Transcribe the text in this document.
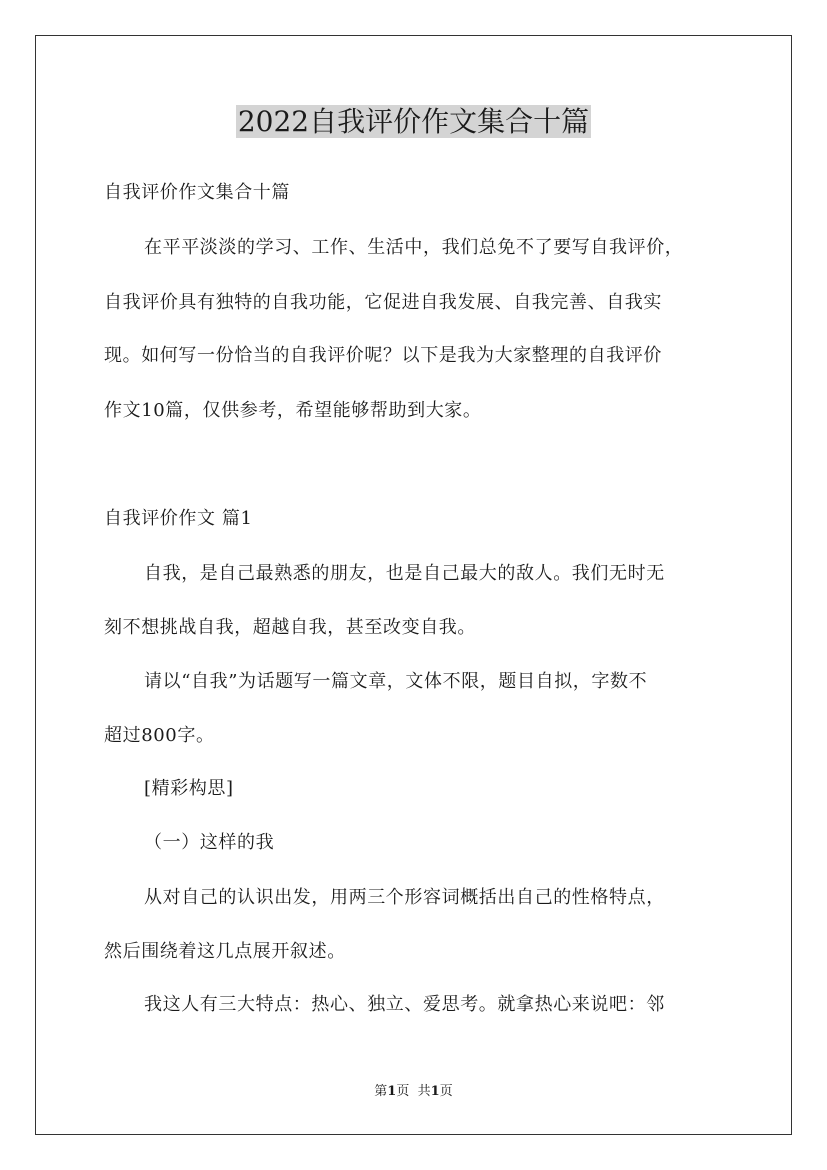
2022自我评价作文集合十篇
自我评价作文集合十篇
在平平淡淡的学习、工作、生活中，我们总免不了要写自我评价，
自我评价具有独特的自我功能，它促进自我发展、自我完善、自我实
现。如何写一份恰当的自我评价呢？以下是我为大家整理的自我评价
作文10篇，仅供参考，希望能够帮助到大家。
自我评价作文 篇1
自我，是自己最熟悉的朋友，也是自己最大的敌人。我们无时无
刻不想挑战自我，超越自我，甚至改变自我。
请以“自我”为话题写一篇文章，文体不限，题目自拟，字数不
超过800字。
[精彩构思]
（一）这样的我
从对自己的认识出发，用两三个形容词概括出自己的性格特点，
然后围绕着这几点展开叙述。
我这人有三大特点：热心、独立、爱思考。就拿热心来说吧：邻
第1页 共1页
